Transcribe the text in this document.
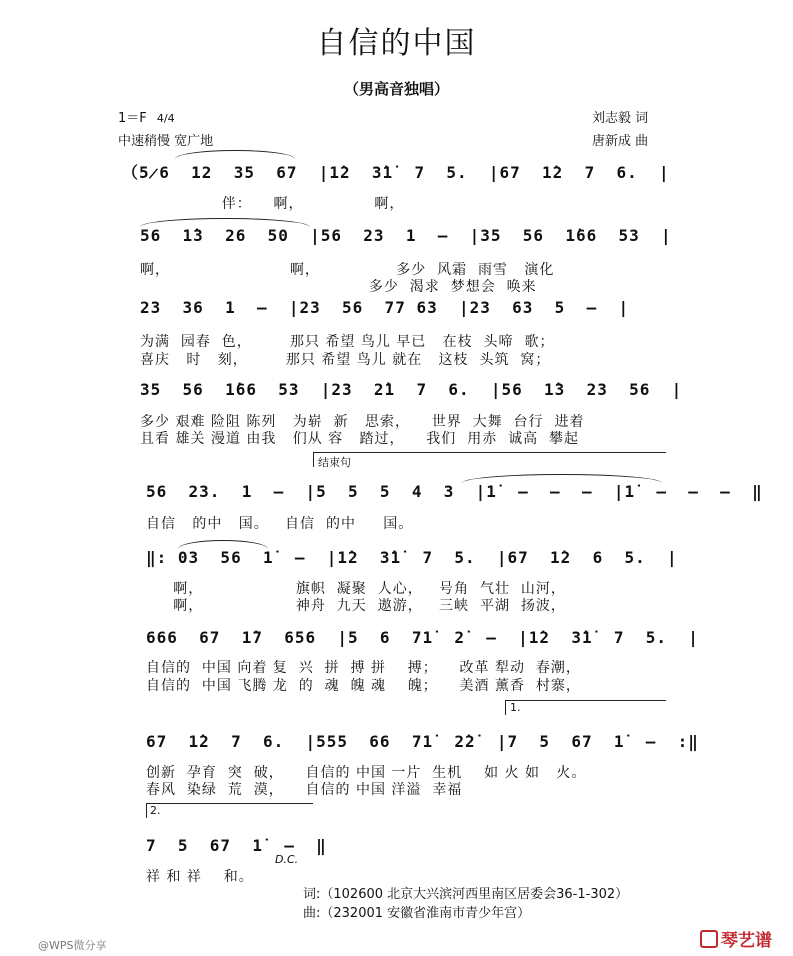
自信的中国
（男高音独唱）
1＝F 4/4
中速稍慢 宽广地
刘志毅 词
唐新成 曲
（5̷6  12  35  67  |1̇2  3̇1̇  7  5.  |67  1̇2  7  6.  |
伴：    啊，             啊，
56  1̇3  26  50  |56  23  1  –  |35  56  1̇66  53  |
啊，                      啊，              多少  风霜  雨雪   演化
多少  渴求  梦想会  唤来
23  36  1  –  |23  56  77 63  |23  63  5  –  |
为满  园春  色，       那只 希望 鸟儿 早已   在枝  头啼  歌；
喜庆   时   刻，       那只 希望 鸟儿 就在   这枝  头筑  窝；
35  56  1̇66  53  |23  2̇1  7  6.  |56  1̇3  23  56  |
多少 艰难 险阻 陈列   为崭  新   思索，    世界  大舞  台行  进着
且看 雄关 漫道 由我   们从 容   踏过，    我们  用赤  诚高  攀起
结束句
56  23.  1  –  |5  5  5  4  3  |1̇  –  –  –  |1̇  –  –  –  ‖
自信   的中   国。   自信  的中     国。
‖: 03  56  1̇  –  |1̇2  3̇1̇  7  5.  |67  1̇2  6  5.  |
啊，                 旗帜  凝聚  人心，   号角  气壮  山河，
啊，                 神舟  九天  遨游，   三峡  平湖  扬波，
666  67  1̇7  656  |5  6  71̇  2̇  –  |1̇2  3̇1̇  7  5.  |
自信的  中国 向着 复  兴  拼  搏 拼    搏；    改革 犁动  春潮，
自信的  中国 飞腾 龙  的  魂  魄 魂    魄；    美酒 薰香  村寨，
1.
67  1̇2  7  6.  |555  66  71̇  2̇2̇  |7  5  67  1̇  –  :‖
创新  孕育  突  破，    自信的 中国 一片  生机    如 火 如   火。
春风  染绿  荒  漠，    自信的 中国 洋溢  幸福
2.
7  5  67  1̇  –  ‖
D.C.
祥 和 祥    和。
词:（102600 北京大兴滨河西里南区居委会36-1-302）
曲:（232001 安徽省淮南市青少年宫）
@WPS微分享	琴艺谱
